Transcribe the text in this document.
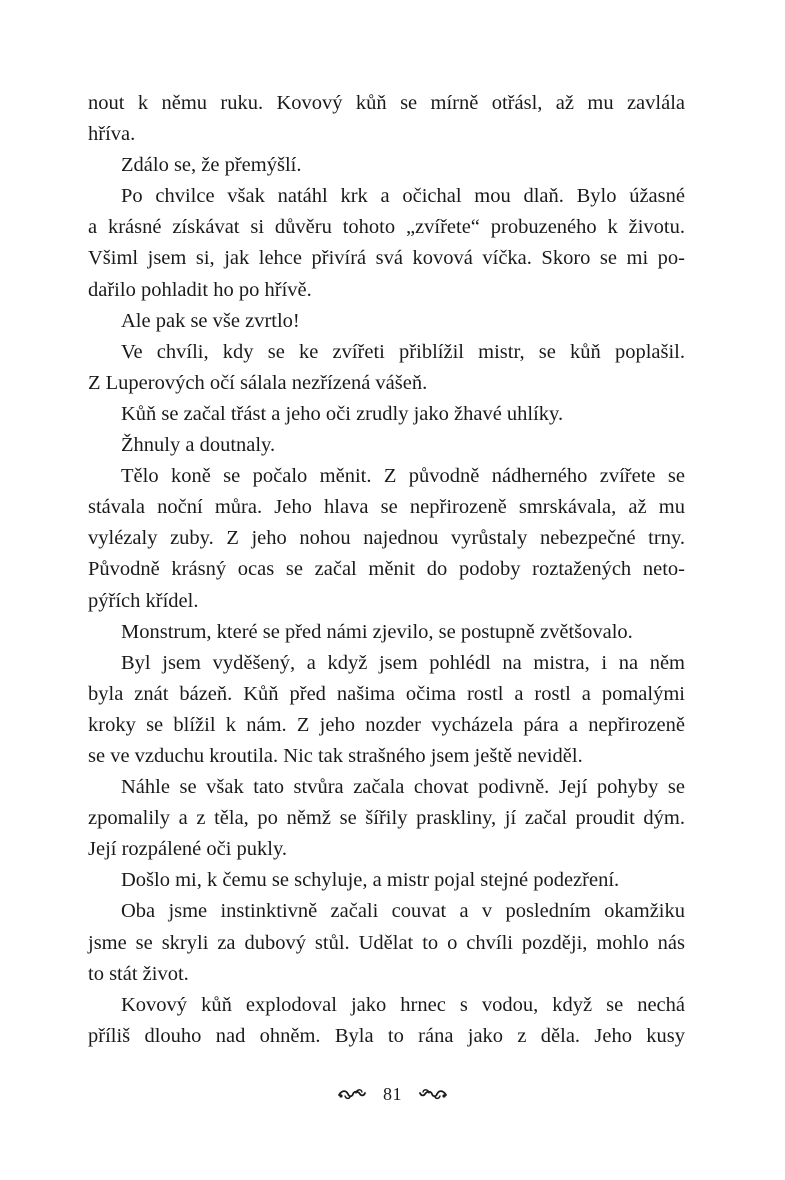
nout k němu ruku. Kovový kůň se mírně otřásl, až mu zavlála
hříva.
Zdálo se, že přemýšlí.
Po chvilce však natáhl krk a očichal mou dlaň. Bylo úžasné
a krásné získávat si důvěru tohoto „zvířete“ probuzeného k životu.
Všiml jsem si, jak lehce přivírá svá kovová víčka. Skoro se mi po-
dařilo pohladit ho po hřívě.
Ale pak se vše zvrtlo!
Ve chvíli, kdy se ke zvířeti přiblížil mistr, se kůň poplašil.
Z Luperových očí sálala nezřízená vášeň.
Kůň se začal třást a jeho oči zrudly jako žhavé uhlíky.
Žhnuly a doutnaly.
Tělo koně se počalo měnit. Z původně nádherného zvířete se
stávala noční můra. Jeho hlava se nepřirozeně smrskávala, až mu
vylézaly zuby. Z jeho nohou najednou vyrůstaly nebezpečné trny.
Původně krásný ocas se začal měnit do podoby roztažených neto-
pýřích křídel.
Monstrum, které se před námi zjevilo, se postupně zvětšovalo.
Byl jsem vyděšený, a když jsem pohlédl na mistra, i na něm
byla znát bázeň. Kůň před našima očima rostl a rostl a pomalými
kroky se blížil k nám. Z jeho nozder vycházela pára a nepřirozeně
se ve vzduchu kroutila. Nic tak strašného jsem ještě neviděl.
Náhle se však tato stvůra začala chovat podivně. Její pohyby se
zpomalily a z těla, po němž se šířily praskliny, jí začal proudit dým.
Její rozpálené oči pukly.
Došlo mi, k čemu se schyluje, a mistr pojal stejné podezření.
Oba jsme instinktivně začali couvat a v posledním okamžiku
jsme se skryli za dubový stůl. Udělat to o chvíli později, mohlo nás
to stát život.
Kovový kůň explodoval jako hrnec s vodou, když se nechá
příliš dlouho nad ohněm. Byla to rána jako z děla. Jeho kusy
81
